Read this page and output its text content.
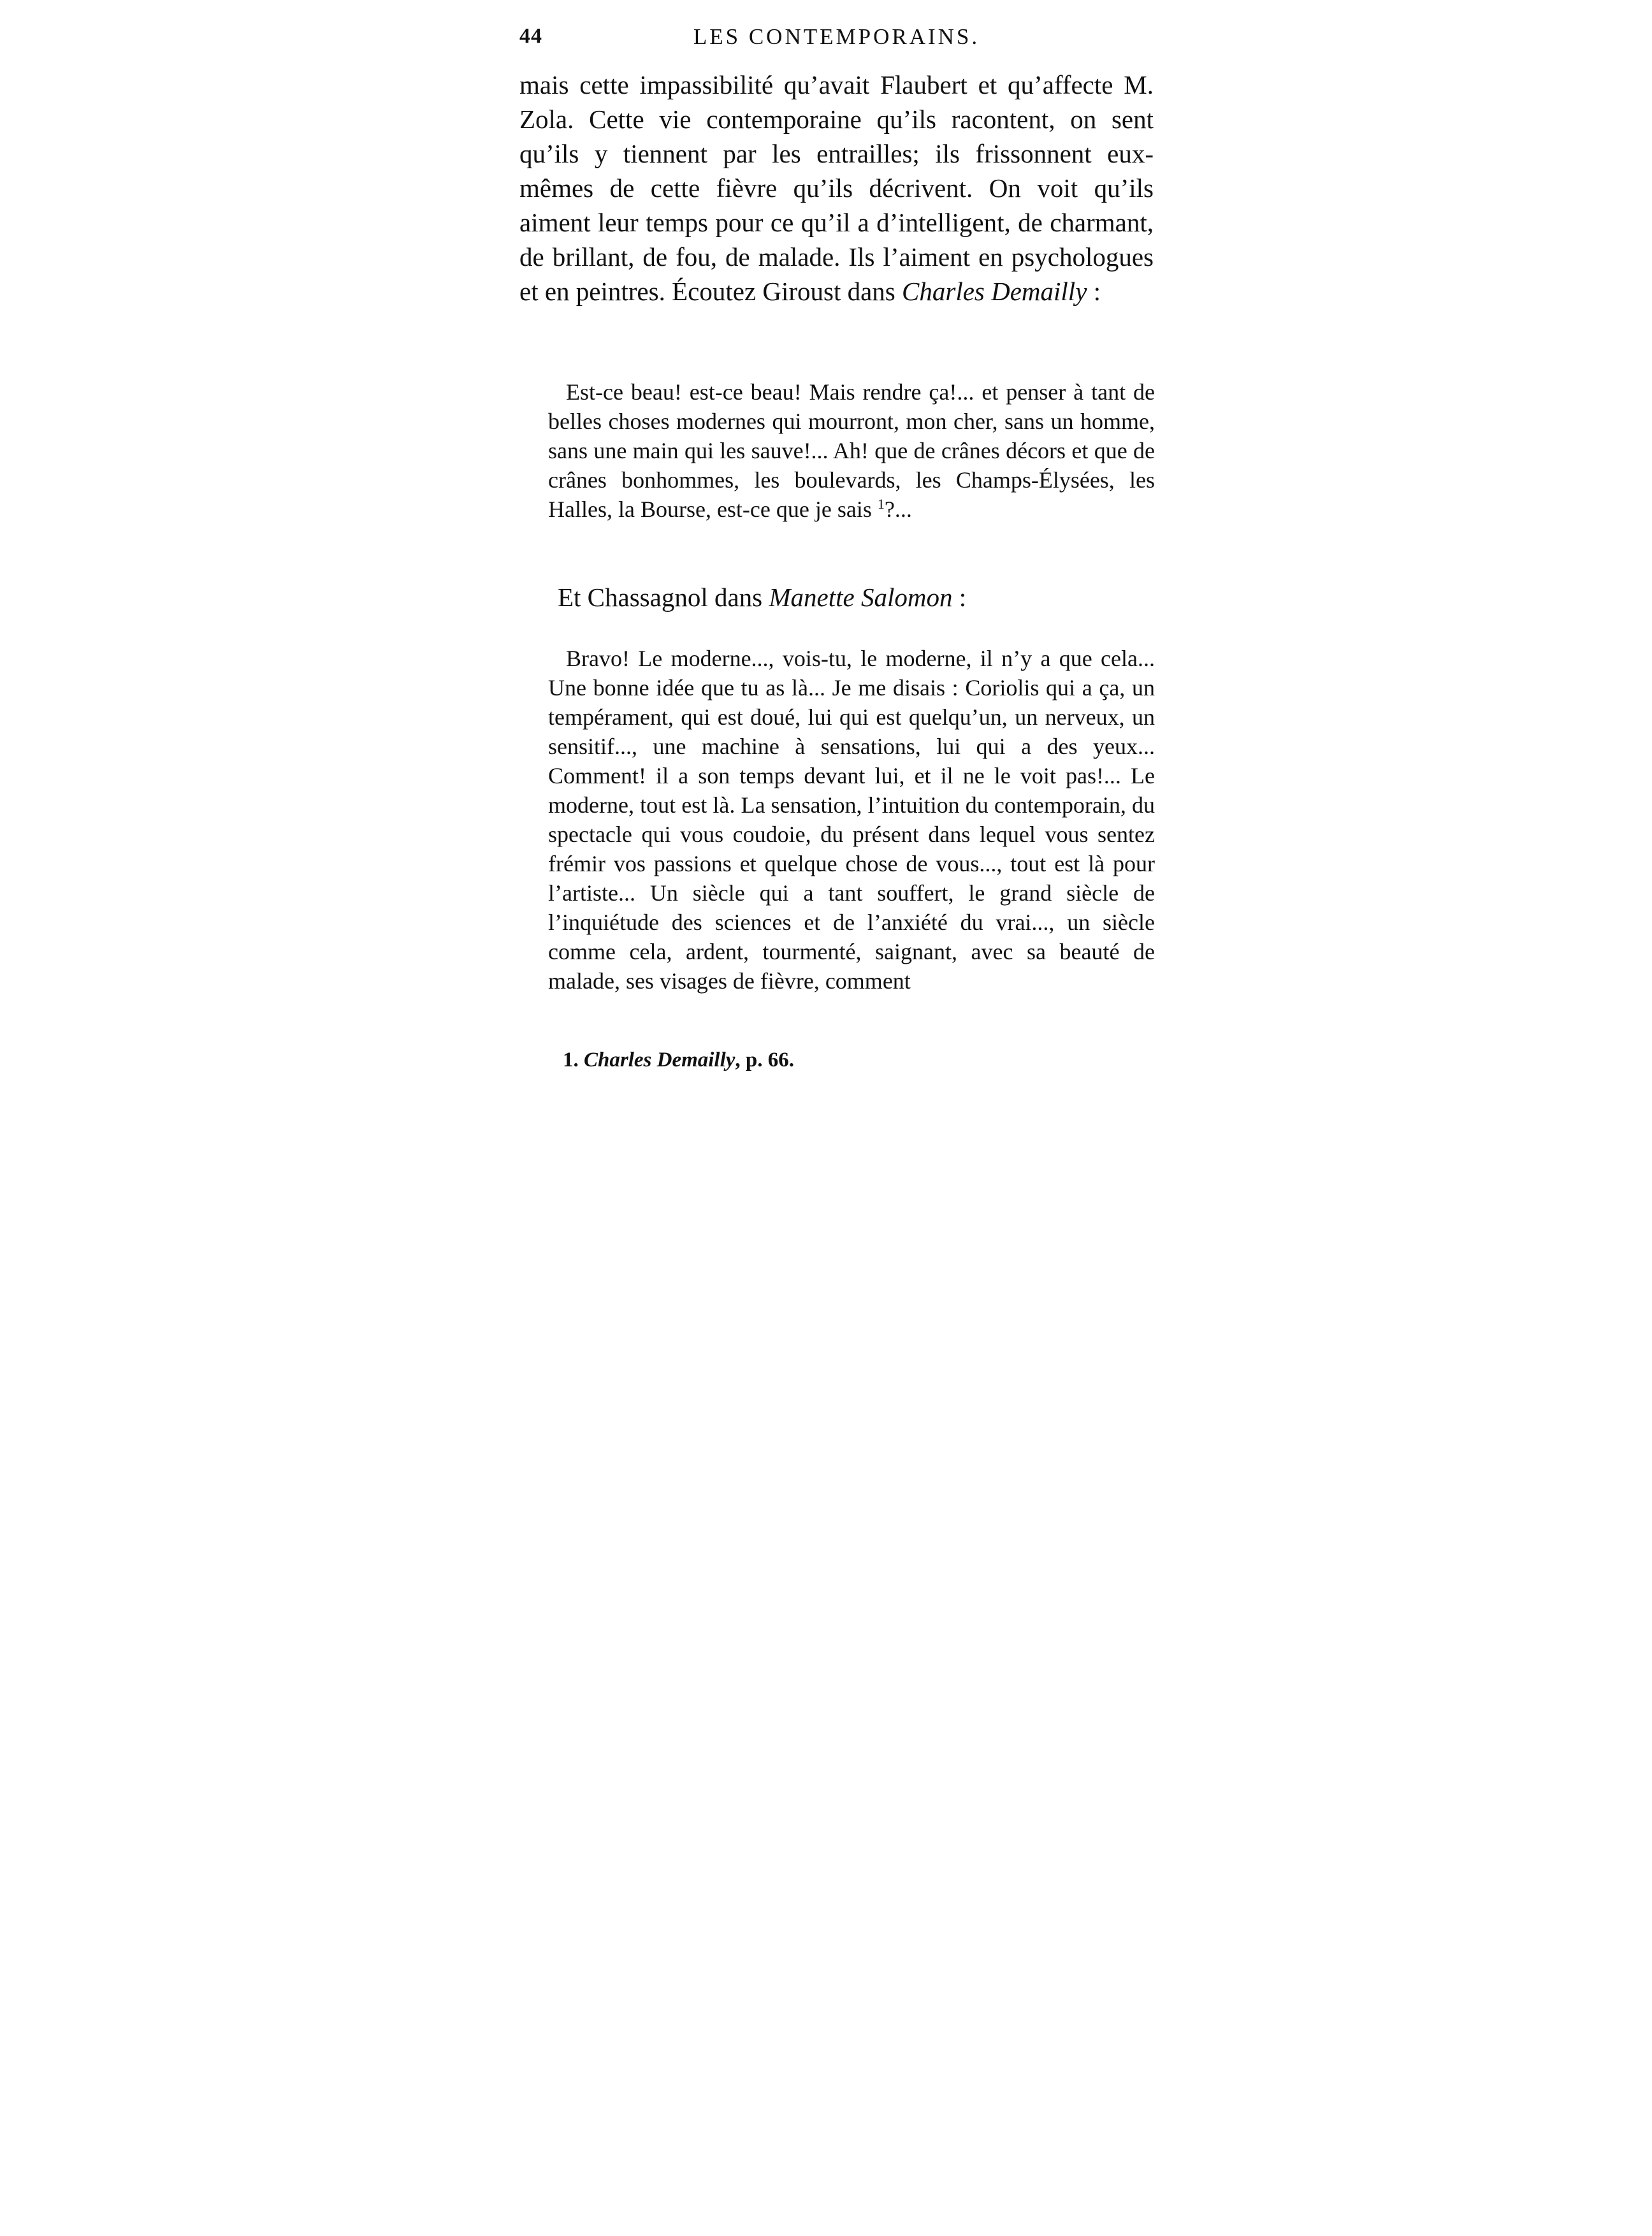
44	LES CONTEMPORAINS.

mais cette impassibilité qu’avait Flaubert et qu’affecte M. Zola. Cette vie contemporaine qu’ils racontent, on sent qu’ils y tiennent par les entrailles; ils frissonnent eux-mêmes de cette fièvre qu’ils décrivent. On voit qu’ils aiment leur temps pour ce qu’il a d’intelligent, de charmant, de brillant, de fou, de malade. Ils l’aiment en psychologues et en peintres. Écoutez Giroust dans Charles Demailly :

Est-ce beau! est-ce beau! Mais rendre ça!... et penser à tant de belles choses modernes qui mourront, mon cher, sans un homme, sans une main qui les sauve!... Ah! que de crânes décors et que de crânes bonhommes, les boulevards, les Champs-Élysées, les Halles, la Bourse, est-ce que je sais $^1$?...

Et Chassagnol dans Manette Salomon :

Bravo! Le moderne..., vois-tu, le moderne, il n’y a que cela... Une bonne idée que tu as là... Je me disais : Coriolis qui a ça, un tempérament, qui est doué, lui qui est quelqu’un, un nerveux, un sensitif..., une machine à sensations, lui qui a des yeux... Comment! il a son temps devant lui, et il ne le voit pas!... Le moderne, tout est là. La sensation, l’intuition du contemporain, du spectacle qui vous coudoie, du présent dans lequel vous sentez frémir vos passions et quelque chose de vous..., tout est là pour l’artiste... Un siècle qui a tant souffert, le grand siècle de l’inquiétude des sciences et de l’anxiété du vrai..., un siècle comme cela, ardent, tourmenté, saignant, avec sa beauté de malade, ses visages de fièvre, comment

1. Charles Demailly, p. 66.
